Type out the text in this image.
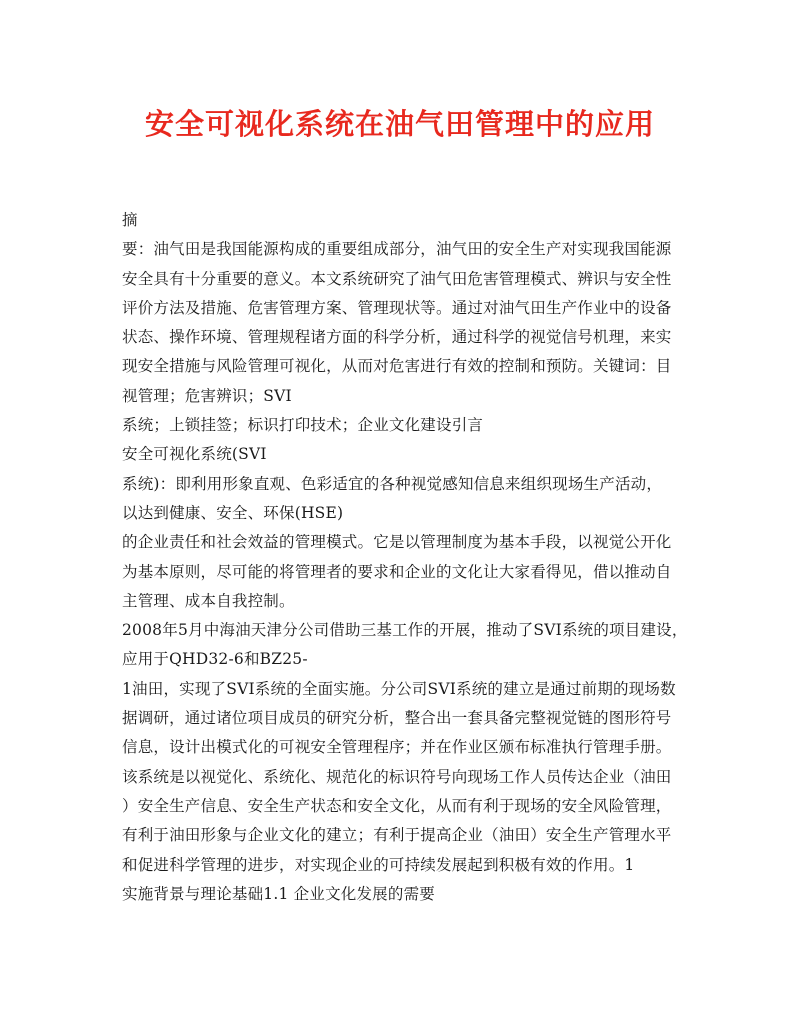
安全可视化系统在油气田管理中的应用
摘
要：油气田是我国能源构成的重要组成部分，油气田的安全生产对实现我国能源
安全具有十分重要的意义。本文系统研究了油气田危害管理模式、辨识与安全性
评价方法及措施、危害管理方案、管理现状等。通过对油气田生产作业中的设备
状态、操作环境、管理规程诸方面的科学分析，通过科学的视觉信号机理，来实
现安全措施与风险管理可视化，从而对危害进行有效的控制和预防。关键词：目
视管理；危害辨识；SVI
系统；上锁挂签；标识打印技术；企业文化建设引言
安全可视化系统(SVI
系统)：即利用形象直观、色彩适宜的各种视觉感知信息来组织现场生产活动，
以达到健康、安全、环保(HSE)
的企业责任和社会效益的管理模式。它是以管理制度为基本手段，以视觉公开化
为基本原则，尽可能的将管理者的要求和企业的文化让大家看得见，借以推动自
主管理、成本自我控制。
2008年5月中海油天津分公司借助三基工作的开展，推动了SVI系统的项目建设，
应用于QHD32-6和BZ25-
1油田，实现了SVI系统的全面实施。分公司SVI系统的建立是通过前期的现场数
据调研，通过诸位项目成员的研究分析，整合出一套具备完整视觉链的图形符号
信息，设计出模式化的可视安全管理程序；并在作业区颁布标准执行管理手册。
该系统是以视觉化、系统化、规范化的标识符号向现场工作人员传达企业（油田
）安全生产信息、安全生产状态和安全文化，从而有利于现场的安全风险管理，
有利于油田形象与企业文化的建立；有利于提高企业（油田）安全生产管理水平
和促进科学管理的进步，对实现企业的可持续发展起到积极有效的作用。1
实施背景与理论基础1.1 企业文化发展的需要
